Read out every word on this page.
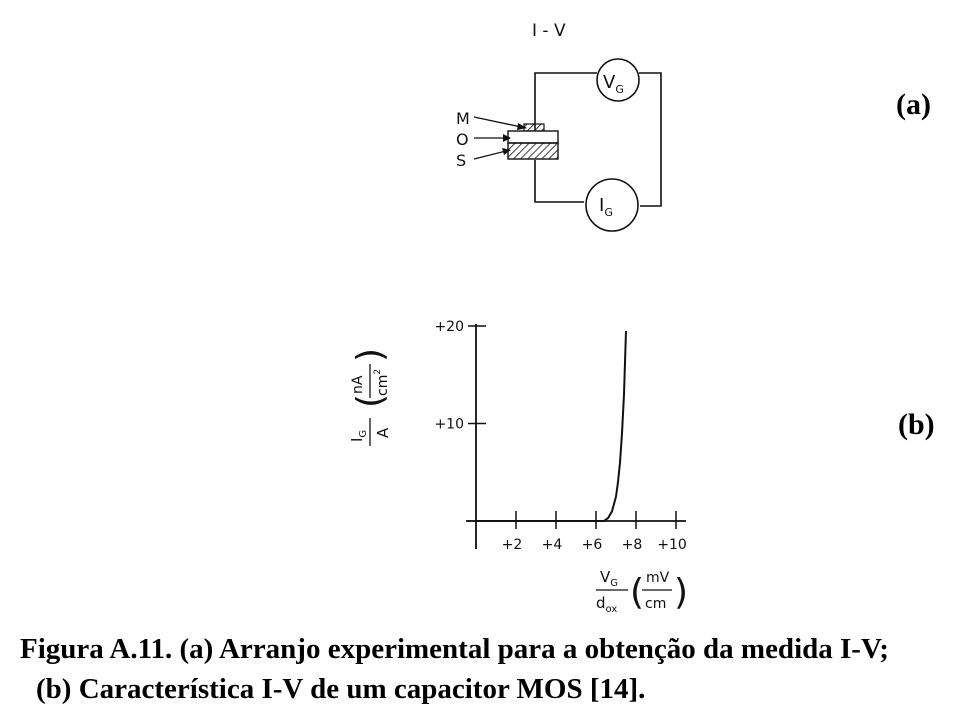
I - V
$V_G$
$I_G$
M
O
S
(a)
+10
+20
+2 +4 +6 +8 +10
$I_G$ A
(
nA $cm^2$
)
$V_G$
$d_{ox}$ ( mV
cm )
(b)
Figura A.11. (a) Arranjo experimental para a obtenção da medida I-V;
(b) Característica I-V de um capacitor MOS [14].
